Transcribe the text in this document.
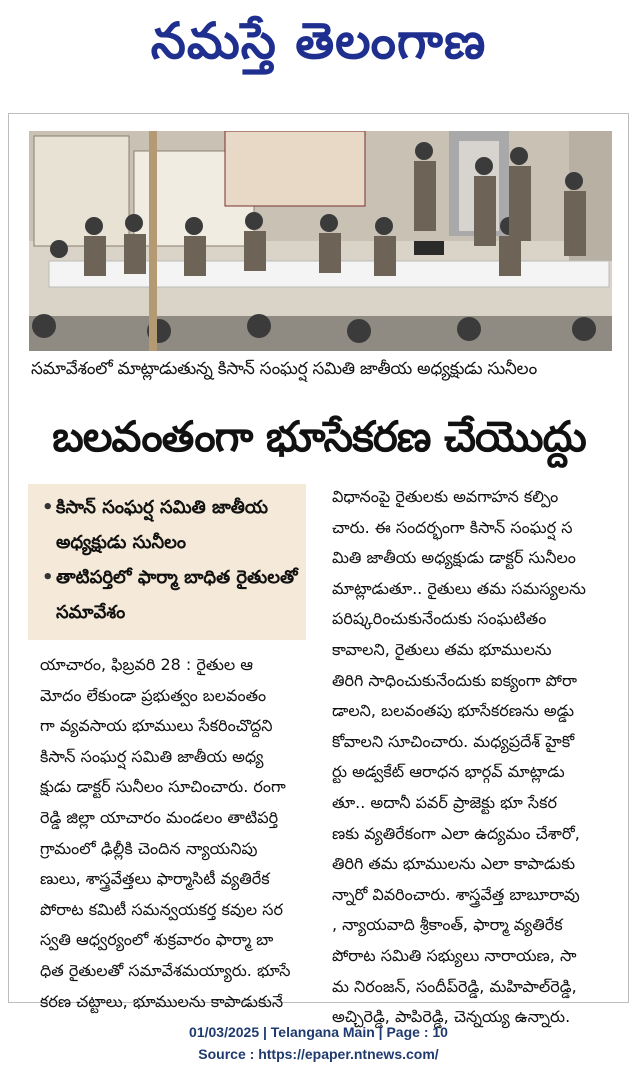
నమస్తే తెలంగాణ
సమావేశంలో మాట్లాడుతున్న కిసాన్ సంఘర్ష సమితి జాతీయ అధ్యక్షుడు సునీలం
బలవంతంగా భూసేకరణ చేయొద్దు
• కిసాన్ సంఘర్ష సమితి జాతీయ అధ్యక్షుడు సునీలం
• తాటిపర్తిలో ఫార్మా బాధిత రైతులతో సమావేశం
యాచారం, ఫిబ్రవరి 28 : రైతుల ఆ
మోదం లేకుండా ప్రభుత్వం బలవంతం
గా వ్యవసాయ భూములు సేకరించొద్దని
కిసాన్ సంఘర్ష సమితి జాతీయ అధ్య
క్షుడు డాక్టర్ సునీలం సూచించారు. రంగా
రెడ్డి జిల్లా యాచారం మండలం తాటిపర్తి
గ్రామంలో ఢిల్లీకి చెందిన న్యాయనిపు
ణులు, శాస్త్రవేత్తలు ఫార్మాసిటీ వ్యతిరేక
పోరాట కమిటీ సమన్వయకర్త కవుల సర
స్వతి ఆధ్వర్యంలో శుక్రవారం ఫార్మా బా
ధిత రైతులతో సమావేశమయ్యారు. భూసే
కరణ చట్టాలు, భూములను కాపాడుకునే
విధానంపై రైతులకు అవగాహన కల్పిం
చారు. ఈ సందర్భంగా కిసాన్ సంఘర్ష స
మితి జాతీయ అధ్యక్షుడు డాక్టర్ సునీలం
మాట్లాడుతూ.. రైతులు తమ సమస్యలను
పరిష్కరించుకునేందుకు సంఘటితం
కావాలని, రైతులు తమ భూములను
తిరిగి సాధించుకునేందుకు ఐక్యంగా పోరా
డాలని, బలవంతపు భూసేకరణను అడ్డు
కోవాలని సూచించారు. మధ్యప్రదేశ్ హైకో
ర్టు అడ్వకేట్ ఆరాధన భార్గవ్ మాట్లాడు
తూ.. అదానీ పవర్ ప్రాజెక్టు భూ సేకర
ణకు వ్యతిరేకంగా ఎలా ఉద్యమం చేశారో,
తిరిగి తమ భూములను ఎలా కాపాడుకు
న్నారో వివరించారు. శాస్త్రవేత్త బాబూరావు
, న్యాయవాది శ్రీకాంత్, ఫార్మా వ్యతిరేక
పోరాట సమితి సభ్యులు నారాయణ, సా
మ నిరంజన్, సందీప్‌రెడ్డి, మహిపాల్‌రెడ్డి,
అచ్చిరెడ్డి, పాపిరెడ్డి, చెన్నయ్య ఉన్నారు.
01/03/2025 | Telangana Main | Page : 10
Source : https://epaper.ntnews.com/
